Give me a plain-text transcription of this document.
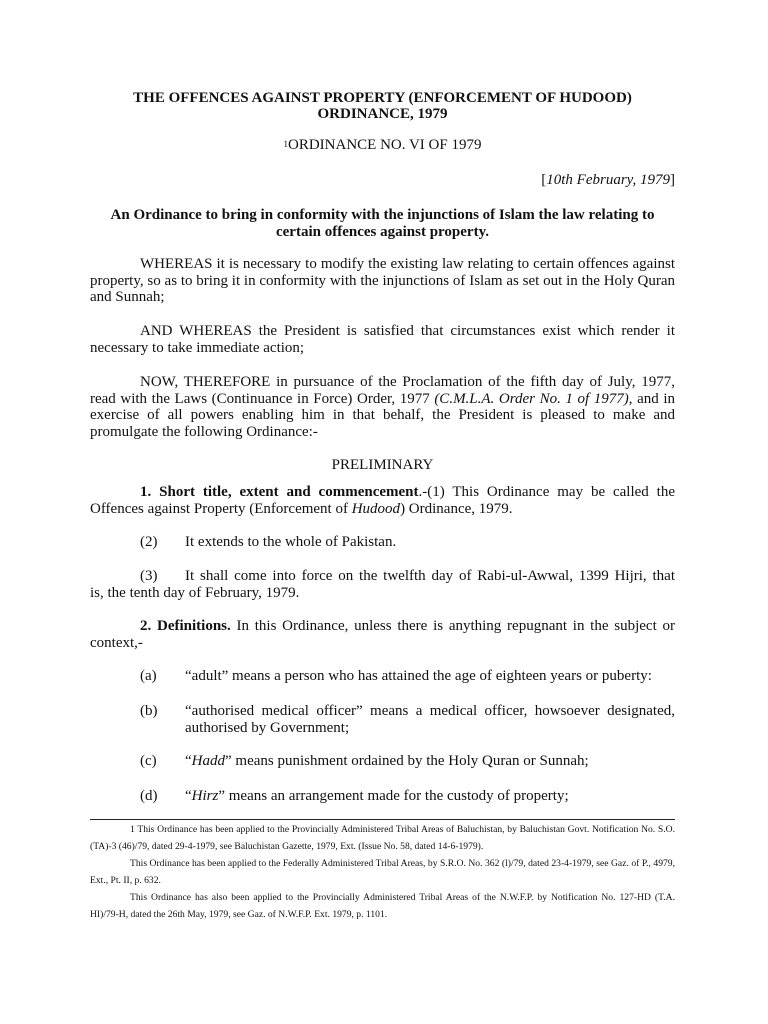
THE OFFENCES AGAINST PROPERTY (ENFORCEMENT OF HUDOOD)
ORDINANCE, 1979
$^1$ORDINANCE NO. VI OF 1979
[10th February, 1979]
An Ordinance to bring in conformity with the injunctions of Islam the law relating to certain offences against property.

WHEREAS it is necessary to modify the existing law relating to certain offences against property, so as to bring it in conformity with the injunctions of Islam as set out in the Holy Quran and Sunnah;

AND WHEREAS the President is satisfied that circumstances exist which render it necessary to take immediate action;

NOW, THEREFORE in pursuance of the Proclamation of the fifth day of July, 1977, read with the Laws (Continuance in Force) Order, 1977 (C.M.L.A. Order No. 1 of 1977), and in exercise of all powers enabling him in that behalf, the President is pleased to make and promulgate the following Ordinance:-

PRELIMINARY

1. Short title, extent and commencement.-(1) This Ordinance may be called the Offences against Property (Enforcement of Hudood) Ordinance, 1979.

(2) It extends to the whole of Pakistan.
(3) It shall come into force on the twelfth day of Rabi-ul-Awwal, 1399 Hijri, that
is, the tenth day of February, 1979.

2. Definitions. In this Ordinance, unless there is anything repugnant in the subject or context,-

(a) “adult” means a person who has attained the age of eighteen years or puberty:
(b) “authorised medical officer” means a medical officer, howsoever designated, authorised by Government;
(c) “Hadd” means punishment ordained by the Holy Quran or Sunnah;
(d) “Hirz” means an arrangement made for the custody of property;

1 This Ordinance has been applied to the Provincially Administered Tribal Areas of Baluchistan, by Baluchistan Govt. Notification No. S.O. (TA)-3 (46)/79, dated 29-4-1979, see Baluchistan Gazette, 1979, Ext. (Issue No. 58, dated 14-6-1979).

This Ordinance has been applied to the Federally Administered Tribal Areas, by S.R.O. No. 362 (l)/79, dated 23-4-1979, see Gaz. of P., 4979, Ext., Pt. II, p. 632.

This Ordinance has also been applied to the Provincially Administered Tribal Areas of the N.W.F.P. by Notification No. 127-HD (T.A. HI)/79-H, dated the 26th May, 1979, see Gaz. of N.W.F.P. Ext. 1979, p. 1101.
